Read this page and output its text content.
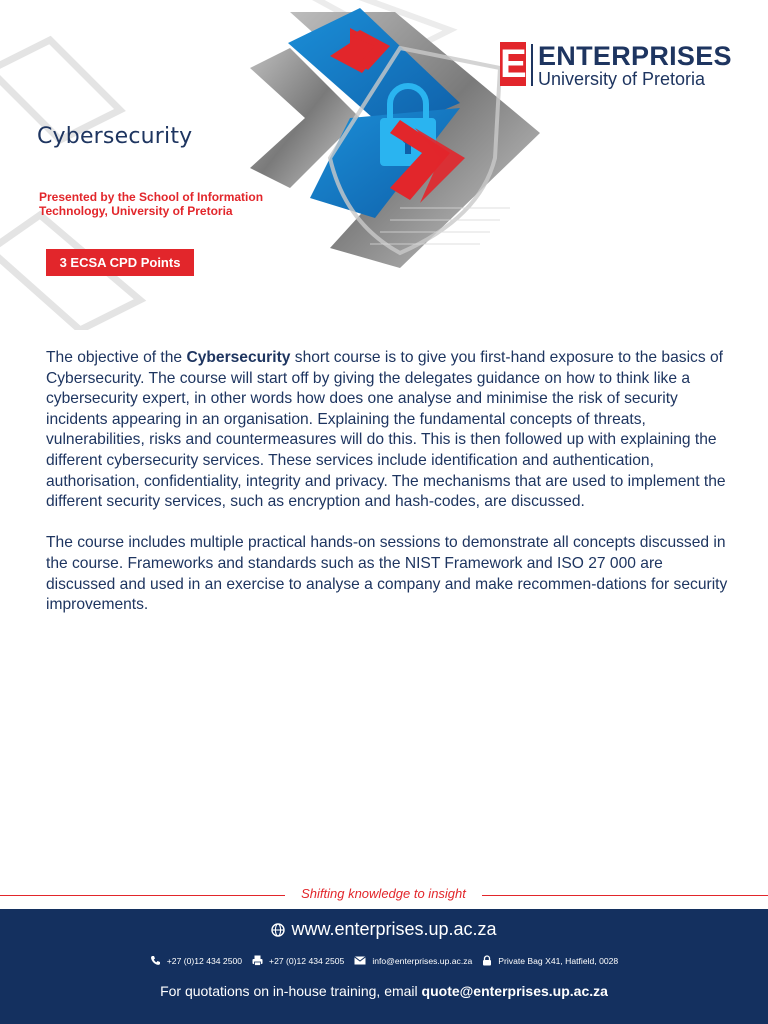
E ENTERPRISES
University of Pretoria
Cybersecurity
Presented by the School of Information Technology, University of Pretoria
3 ECSA CPD Points

The objective of the Cybersecurity short course is to give you first-hand exposure to the basics of Cybersecurity. The course will start off by giving the delegates guidance on how to think like a cybersecurity expert, in other words how does one analyse and minimise the risk of security incidents appearing in an organisation. Explaining the fundamental concepts of threats, vulnerabilities, risks and countermeasures will do this. This is then followed up with explaining the different cybersecurity services. These services include identification and authentication, authorisation, confidentiality, integrity and privacy. The mechanisms that are used to implement the different security services, such as encryption and hash-codes, are discussed.

The course includes multiple practical hands-on sessions to demonstrate all concepts discussed in the course. Frameworks and standards such as the NIST Framework and ISO 27 000 are discussed and used in an exercise to analyse a company and make recommen-dations for security improvements.

Shifting knowledge to insight
www.enterprises.up.ac.za
+27 (0)12 434 2500	+27 (0)12 434 2505	info@enterprises.up.ac.za	Private Bag X41, Hatfield, 0028
For quotations on in-house training, email quote@enterprises.up.ac.za
